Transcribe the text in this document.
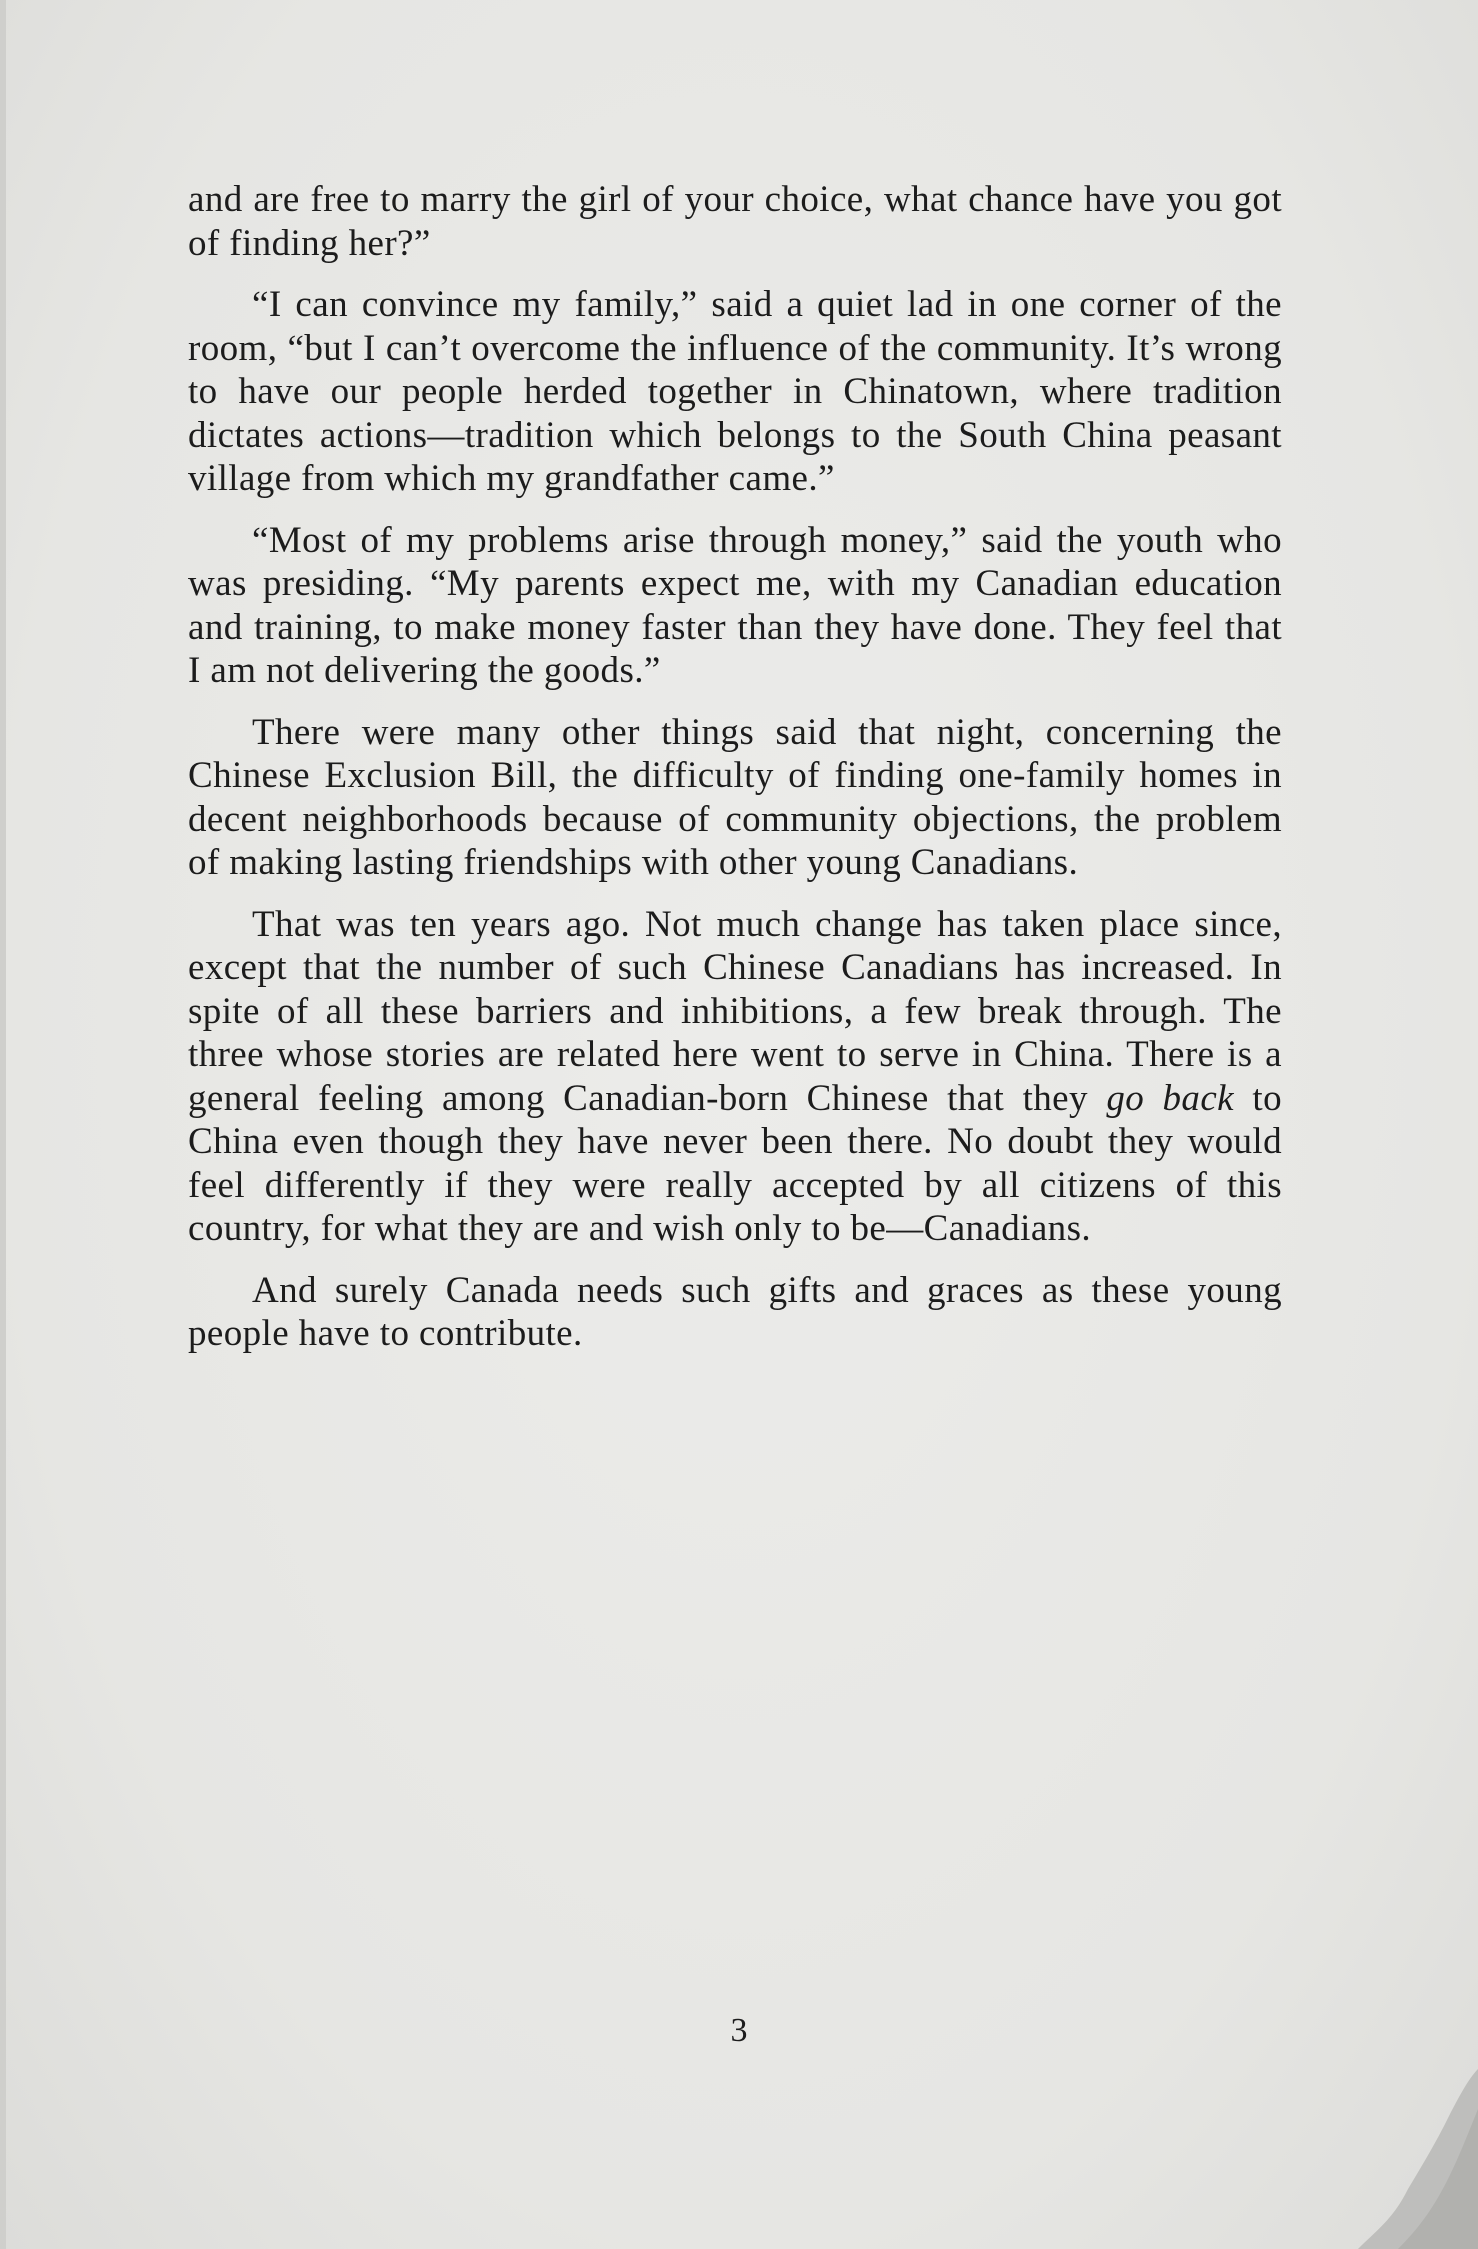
and are free to marry the girl of your choice, what chance have you got of finding her?”

“I can convince my family,” said a quiet lad in one corner of the room, “but I can’t overcome the influence of the community. It’s wrong to have our people herded together in Chinatown, where tradition dictates actions—tradition which belongs to the South China peasant village from which my grandfather came.”

“Most of my problems arise through money,” said the youth who was presiding. “My parents expect me, with my Canadian education and training, to make money faster than they have done. They feel that I am not delivering the goods.”

There were many other things said that night, concerning the Chinese Exclusion Bill, the difficulty of finding one-family homes in decent neighborhoods because of community objections, the problem of making lasting friendships with other young Canadians.

That was ten years ago. Not much change has taken place since, except that the number of such Chinese Canadians has increased. In spite of all these barriers and inhibitions, a few break through. The three whose stories are related here went to serve in China. There is a general feeling among Canadian-born Chinese that they go back to China even though they have never been there. No doubt they would feel differently if they were really accepted by all citizens of this country, for what they are and wish only to be—Canadians.

And surely Canada needs such gifts and graces as these young people have to contribute.

3
